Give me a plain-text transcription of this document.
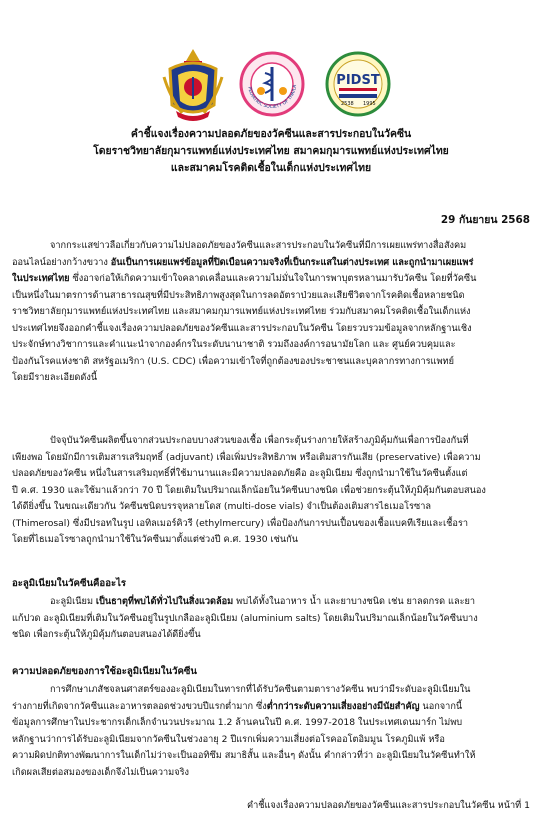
PEDIATRIC SOCIETY OF THAILA	PIDST
2538 1995
คำชี้แจงเรื่องความปลอดภัยของวัคซีนและสารประกอบในวัคซีน
โดยราชวิทยาลัยกุมารแพทย์แห่งประเทศไทย สมาคมกุมารแพทย์แห่งประเทศไทย
และสมาคมโรคติดเชื้อในเด็กแห่งประเทศไทย
29 กันยายน 2568
จากกระแสข่าวลือเกี่ยวกับความไม่ปลอดภัยของวัคซีนและสารประกอบในวัคซีนที่มีการเผยแพร่ทางสื่อสังคม
ออนไลน์อย่างกว้างขวาง อันเป็นการเผยแพร่ข้อมูลที่ปิดเบือนความจริงที่เป็นกระแสในต่างประเทศ และถูกนำมาเผยแพร่
ในประเทศไทย ซึ่งอาจก่อให้เกิดความเข้าใจคลาดเคลื่อนและความไม่มั่นใจในการพาบุตรหลานมารับวัคซีน โดยที่วัคซีน
เป็นหนึ่งในมาตรการด้านสาธารณสุขที่มีประสิทธิภาพสูงสุดในการลดอัตราป่วยและเสียชีวิตจากโรคติดเชื้อหลายชนิด
ราชวิทยาลัยกุมารแพทย์แห่งประเทศไทย และสมาคมกุมารแพทย์แห่งประเทศไทย ร่วมกับสมาคมโรคติดเชื้อในเด็กแห่ง
ประเทศไทยจึงออกคำชี้แจงเรื่องความปลอดภัยของวัคซีนและสารประกอบในวัคซีน โดยรวบรวมข้อมูลจากหลักฐานเชิง
ประจักษ์ทางวิชาการและคำแนะนำจากองค์กรในระดับนานาชาติ รวมถึงองค์การอนามัยโลก และ ศูนย์ควบคุมและ
ป้องกันโรคแห่งชาติ สหรัฐอเมริกา (U.S. CDC) เพื่อความเข้าใจที่ถูกต้องของประชาชนและบุคลากรทางการแพทย์
โดยมีรายละเอียดดังนี้
ปัจจุบันวัคซีนผลิตขึ้นจากส่วนประกอบบางส่วนของเชื้อ เพื่อกระตุ้นร่างกายให้สร้างภูมิคุ้มกันเพื่อการป้องกันที่
เพียงพอ โดยมักมีการเติมสารเสริมฤทธิ์ (adjuvant) เพื่อเพิ่มประสิทธิภาพ หรือเติมสารกันเสีย (preservative) เพื่อความ
ปลอดภัยของวัคซีน หนึ่งในสารเสริมฤทธิ์ที่ใช้มานานและมีความปลอดภัยคือ อะลูมิเนียม ซึ่งถูกนำมาใช้ในวัคซีนตั้งแต่
ปี ค.ศ. 1930 และใช้มาแล้วกว่า 70 ปี โดยเติมในปริมาณเล็กน้อยในวัคซีนบางชนิด เพื่อช่วยกระตุ้นให้ภูมิคุ้มกันตอบสนอง
ได้ดียิ่งขึ้น ในขณะเดียวกัน วัคซีนชนิดบรรจุหลายโดส (multi-dose vials) จำเป็นต้องเติมสารไธเมอโรซาล
(Thimerosal) ซึ่งมีปรอทในรูป เอทิลเมอร์คิวรี (ethylmercury) เพื่อป้องกันการปนเปื้อนของเชื้อแบคทีเรียและเชื้อรา
โดยที่ไธเมอโรซาลถูกนำมาใช้ในวัคซีนมาตั้งแต่ช่วงปี ค.ศ. 1930 เช่นกัน
อะลูมิเนียมในวัคซีนคืออะไร
อะลูมิเนียม เป็นธาตุที่พบได้ทั่วไปในสิ่งแวดล้อม พบได้ทั้งในอาหาร น้ำ และยาบางชนิด เช่น ยาลดกรด และยา
แก้ปวด อะลูมิเนียมที่เติมในวัคซีนอยู่ในรูปเกลืออะลูมิเนียม (aluminium salts) โดยเติมในปริมาณเล็กน้อยในวัคซีนบาง
ชนิด เพื่อกระตุ้นให้ภูมิคุ้มกันตอบสนองได้ดียิ่งขึ้น
ความปลอดภัยของการใช้อะลูมิเนียมในวัคซีน
การศึกษาเภสัชจลนศาสตร์ของอะลูมิเนียมในทารกที่ได้รับวัคซีนตามตารางวัคซีน พบว่ามีระดับอะลูมิเนียมใน
ร่างกายที่เกิดจากวัคซีนและอาหารตลอดช่วงขวบปีแรกต่ำมาก ซึ่งต่ำกว่าระดับความเสี่ยงอย่างมีนัยสำคัญ นอกจากนี้
ข้อมูลการศึกษาในประชากรเด็กเล็กจำนวนประมาณ 1.2 ล้านคนในปี ค.ศ. 1997-2018 ในประเทศเดนมาร์ก ไม่พบ
หลักฐานว่าการได้รับอะลูมิเนียมจากวัคซีนในช่วงอายุ 2 ปีแรกเพิ่มความเสี่ยงต่อโรคออโตอิมมูน โรคภูมิแพ้ หรือ
ความผิดปกติทางพัฒนาการในเด็กไม่ว่าจะเป็นออทิซึม สมาธิสั้น และอื่นๆ ดังนั้น คำกล่าวที่ว่า อะลูมิเนียมในวัคซีนทำให้
เกิดผลเสียต่อสมองของเด็กจึงไม่เป็นความจริง
คำชี้แจงเรื่องความปลอดภัยของวัคซีนและสารประกอบในวัคซีน หน้าที่ 1
